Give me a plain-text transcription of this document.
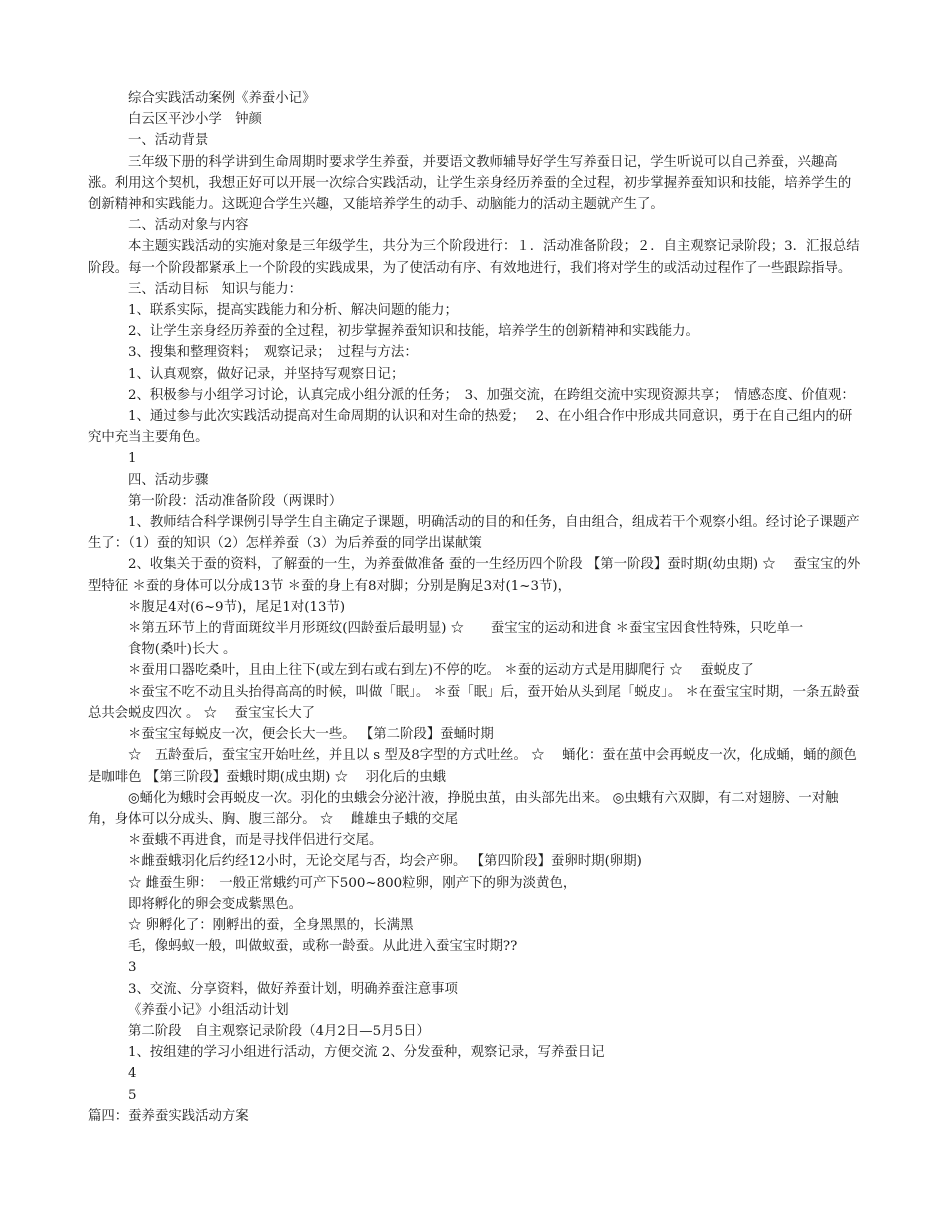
综合实践活动案例《养蚕小记》

白云区平沙小学　钟颜

一、活动背景

三年级下册的科学讲到生命周期时要求学生养蚕，并要语文教师辅导好学生写养蚕日记，学生听说可以自己养蚕，兴趣高涨。利用这个契机，我想正好可以开展一次综合实践活动，让学生亲身经历养蚕的全过程，初步掌握养蚕知识和技能，培养学生的创新精神和实践能力。这既迎合学生兴趣，又能培养学生的动手、动脑能力的活动主题就产生了。

二、活动对象与内容

本主题实践活动的实施对象是三年级学生，共分为三个阶段进行：１．活动准备阶段；２．自主观察记录阶段；3．汇报总结阶段。每一个阶段都紧承上一个阶段的实践成果，为了使活动有序、有效地进行，我们将对学生的或活动过程作了一些跟踪指导。

三、活动目标　知识与能力：

1、联系实际，提高实践能力和分析、解决问题的能力；

2、让学生亲身经历养蚕的全过程，初步掌握养蚕知识和技能，培养学生的创新精神和实践能力。

3、搜集和整理资料；　观察记录；　过程与方法：

1、认真观察，做好记录，并坚持写观察日记；

2、积极参与小组学习讨论，认真完成小组分派的任务；　3、加强交流，在跨组交流中实现资源共享；　情感态度、价值观：

1、通过参与此次实践活动提高对生命周期的认识和对生命的热爱；　 2、在小组合作中形成共同意识，勇于在自己组内的研究中充当主要角色。

1

四、活动步骤

第一阶段：活动准备阶段（两课时）

1、教师结合科学课例引导学生自主确定子课题，明确活动的目的和任务，自由组合，组成若干个观察小组。经讨论子课题产生了：（1）蚕的知识（2）怎样养蚕（3）为后养蚕的同学出谋献策

2、收集关于蚕的资料，了解蚕的一生，为养蚕做准备 蚕的一生经历四个阶段 【第一阶段】蚕时期(幼虫期) ☆　 蚕宝宝的外型特征 ＊蚕的身体可以分成13节 ＊蚕的身上有8对脚；分别是胸足3对(1~3节)，

＊腹足4对(6~9节)，尾足1对(13节)

＊第五环节上的背面斑纹半月形斑纹(四龄蚕后最明显) ☆　　蚕宝宝的运动和进食 ＊蚕宝宝因食性特殊，只吃单一

食物(桑叶)长大 。

＊蚕用口器吃桑叶，且由上往下(或左到右或右到左)不停的吃。 ＊蚕的运动方式是用脚爬行 ☆　 蚕蜕皮了

＊蚕宝不吃不动且头抬得高高的时候，叫做「眠」。 ＊蚕「眠」后，蚕开始从头到尾「蜕皮」。 ＊在蚕宝宝时期，一条五龄蚕总共会蜕皮四次 。 ☆　 蚕宝宝长大了

＊蚕宝宝每蜕皮一次，便会长大一些。 【第二阶段】蚕蛹时期

☆　五龄蚕后，蚕宝宝开始吐丝，并且以 s 型及8字型的方式吐丝。 ☆　 蛹化：蚕在茧中会再蜕皮一次，化成蛹，蛹的颜色是咖啡色 【第三阶段】蚕蛾时期(成虫期) ☆　 羽化后的虫蛾

◎蛹化为蛾时会再蜕皮一次。羽化的虫蛾会分泌汁液，挣脱虫茧，由头部先出来。 ◎虫蛾有六双脚，有二对翅膀、一对触角，身体可以分成头、胸、腹三部分。 ☆　 雌雄虫子蛾的交尾

＊蚕蛾不再进食，而是寻找伴侣进行交尾。

＊雌蚕蛾羽化后约经12小时，无论交尾与否，均会产卵。 【第四阶段】蚕卵时期(卵期)

☆ 雌蚕生卵：　一般正常蛾约可产下500~800粒卵，刚产下的卵为淡黄色，

即将孵化的卵会变成紫黑色。

☆ 卵孵化了：刚孵出的蚕，全身黑黑的，长满黑

毛，像蚂蚁一般，叫做蚁蚕，或称一龄蚕。从此进入蚕宝宝时期??

3

3、交流、分享资料，做好养蚕计划，明确养蚕注意事项

《养蚕小记》小组活动计划

第二阶段　自主观察记录阶段（4月2日—5月5日）

1、按组建的学习小组进行活动，方便交流 2、分发蚕种，观察记录，写养蚕日记

4

5

篇四：蚕养蚕实践活动方案
